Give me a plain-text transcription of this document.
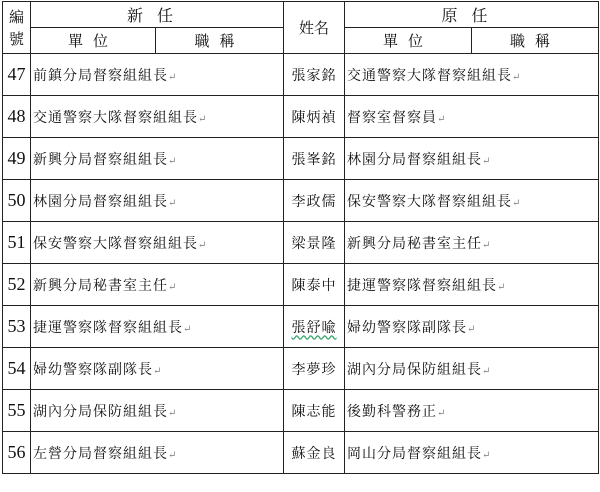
編號	新任		姓名	原任	
	單位	職稱		單位	職稱
47	前鎮分局督察組組長↵		張家銘	交通警察大隊督察組組長↵	
48	交通警察大隊督察組組長↵		陳炳禎	督察室督察員↵	
49	新興分局督察組組長↵		張峯銘	林園分局督察組組長↵	
50	林園分局督察組組長↵		李政儒	保安警察大隊督察組組長↵	
51	保安警察大隊督察組組長↵		梁景隆	新興分局秘書室主任↵	
52	新興分局秘書室主任↵		陳泰中	捷運警察隊督察組組長↵	
53	捷運警察隊督察組組長↵		張舒喩	婦幼警察隊副隊長↵	
54	婦幼警察隊副隊長↵		李夢珍	湖內分局保防組組長↵	
55	湖內分局保防組組長↵		陳志能	後勤科警務正↵	
56	左營分局督察組組長↵		蘇金良	岡山分局督察組組長↵	
